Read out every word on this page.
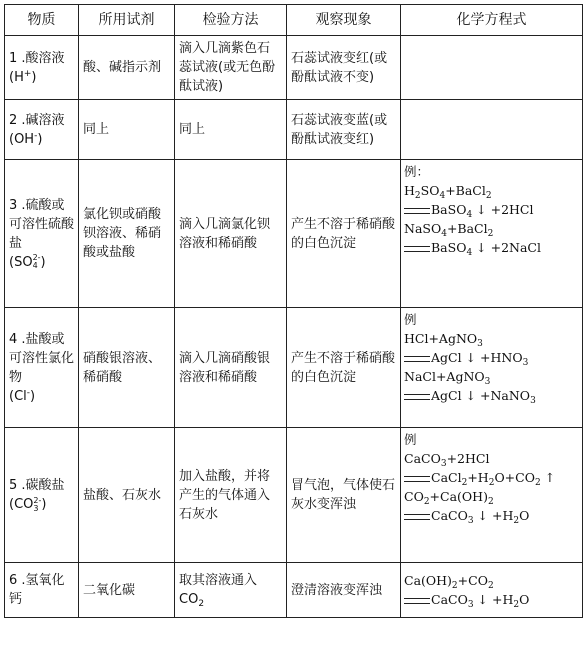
物质	所用试剂	检验方法	观察现象	化学方程式
1 .酸溶液
(H+)	酸、碱指示剂	滴入几滴紫色石蕊试液(或无色酚酞试液)	石蕊试液变红(或酚酞试液不变)	
2 .碱溶液
(OH-)	同上	同上	石蕊试液变蓝(或酚酞试液变红)	
3 .硫酸或可溶性硫酸盐
(SO 2-
4 )	氯化钡或硝酸钡溶液、稀硝酸或盐酸	滴入几滴氯化钡溶液和稀硝酸	产生不溶于稀硝酸的白色沉淀	例：
$H_2SO_4+BaCl_2$
BaSO$_4$ ↓ +2HCl
NaSO$_4$+BaCl$_2$
BaSO$_4$ ↓ +2NaCl

4 .盐酸或可溶性氯化物
(Cl-)	硝酸银溶液、稀硝酸	滴入几滴硝酸银溶液和稀硝酸	产生不溶于稀硝酸的白色沉淀	例
HCl+AgNO$_3$
AgCl ↓ $+HNO_3$
NaCl+AgNO$_3$
AgCl ↓ +NaNO$_3$

5 .碳酸盐
(CO 2-
3 )	盐酸、石灰水	加入盐酸，并将产生的气体通入石灰水	冒气泡，气体使石灰水变浑浊	例
CaCO$_3$+2HCl
$CaCl_2+H_2O+CO_2$ ↑
$CO_2+Ca(OH)_2$
CaCO$_3$ ↓ $+H_2O$

6 .氢氧化钙	二氧化碳	取其溶液通入$CO_2$	澄清溶液变浑浊	$Ca(OH)_2+CO_2$
CaCO$_3$ ↓ $+H_2O$
